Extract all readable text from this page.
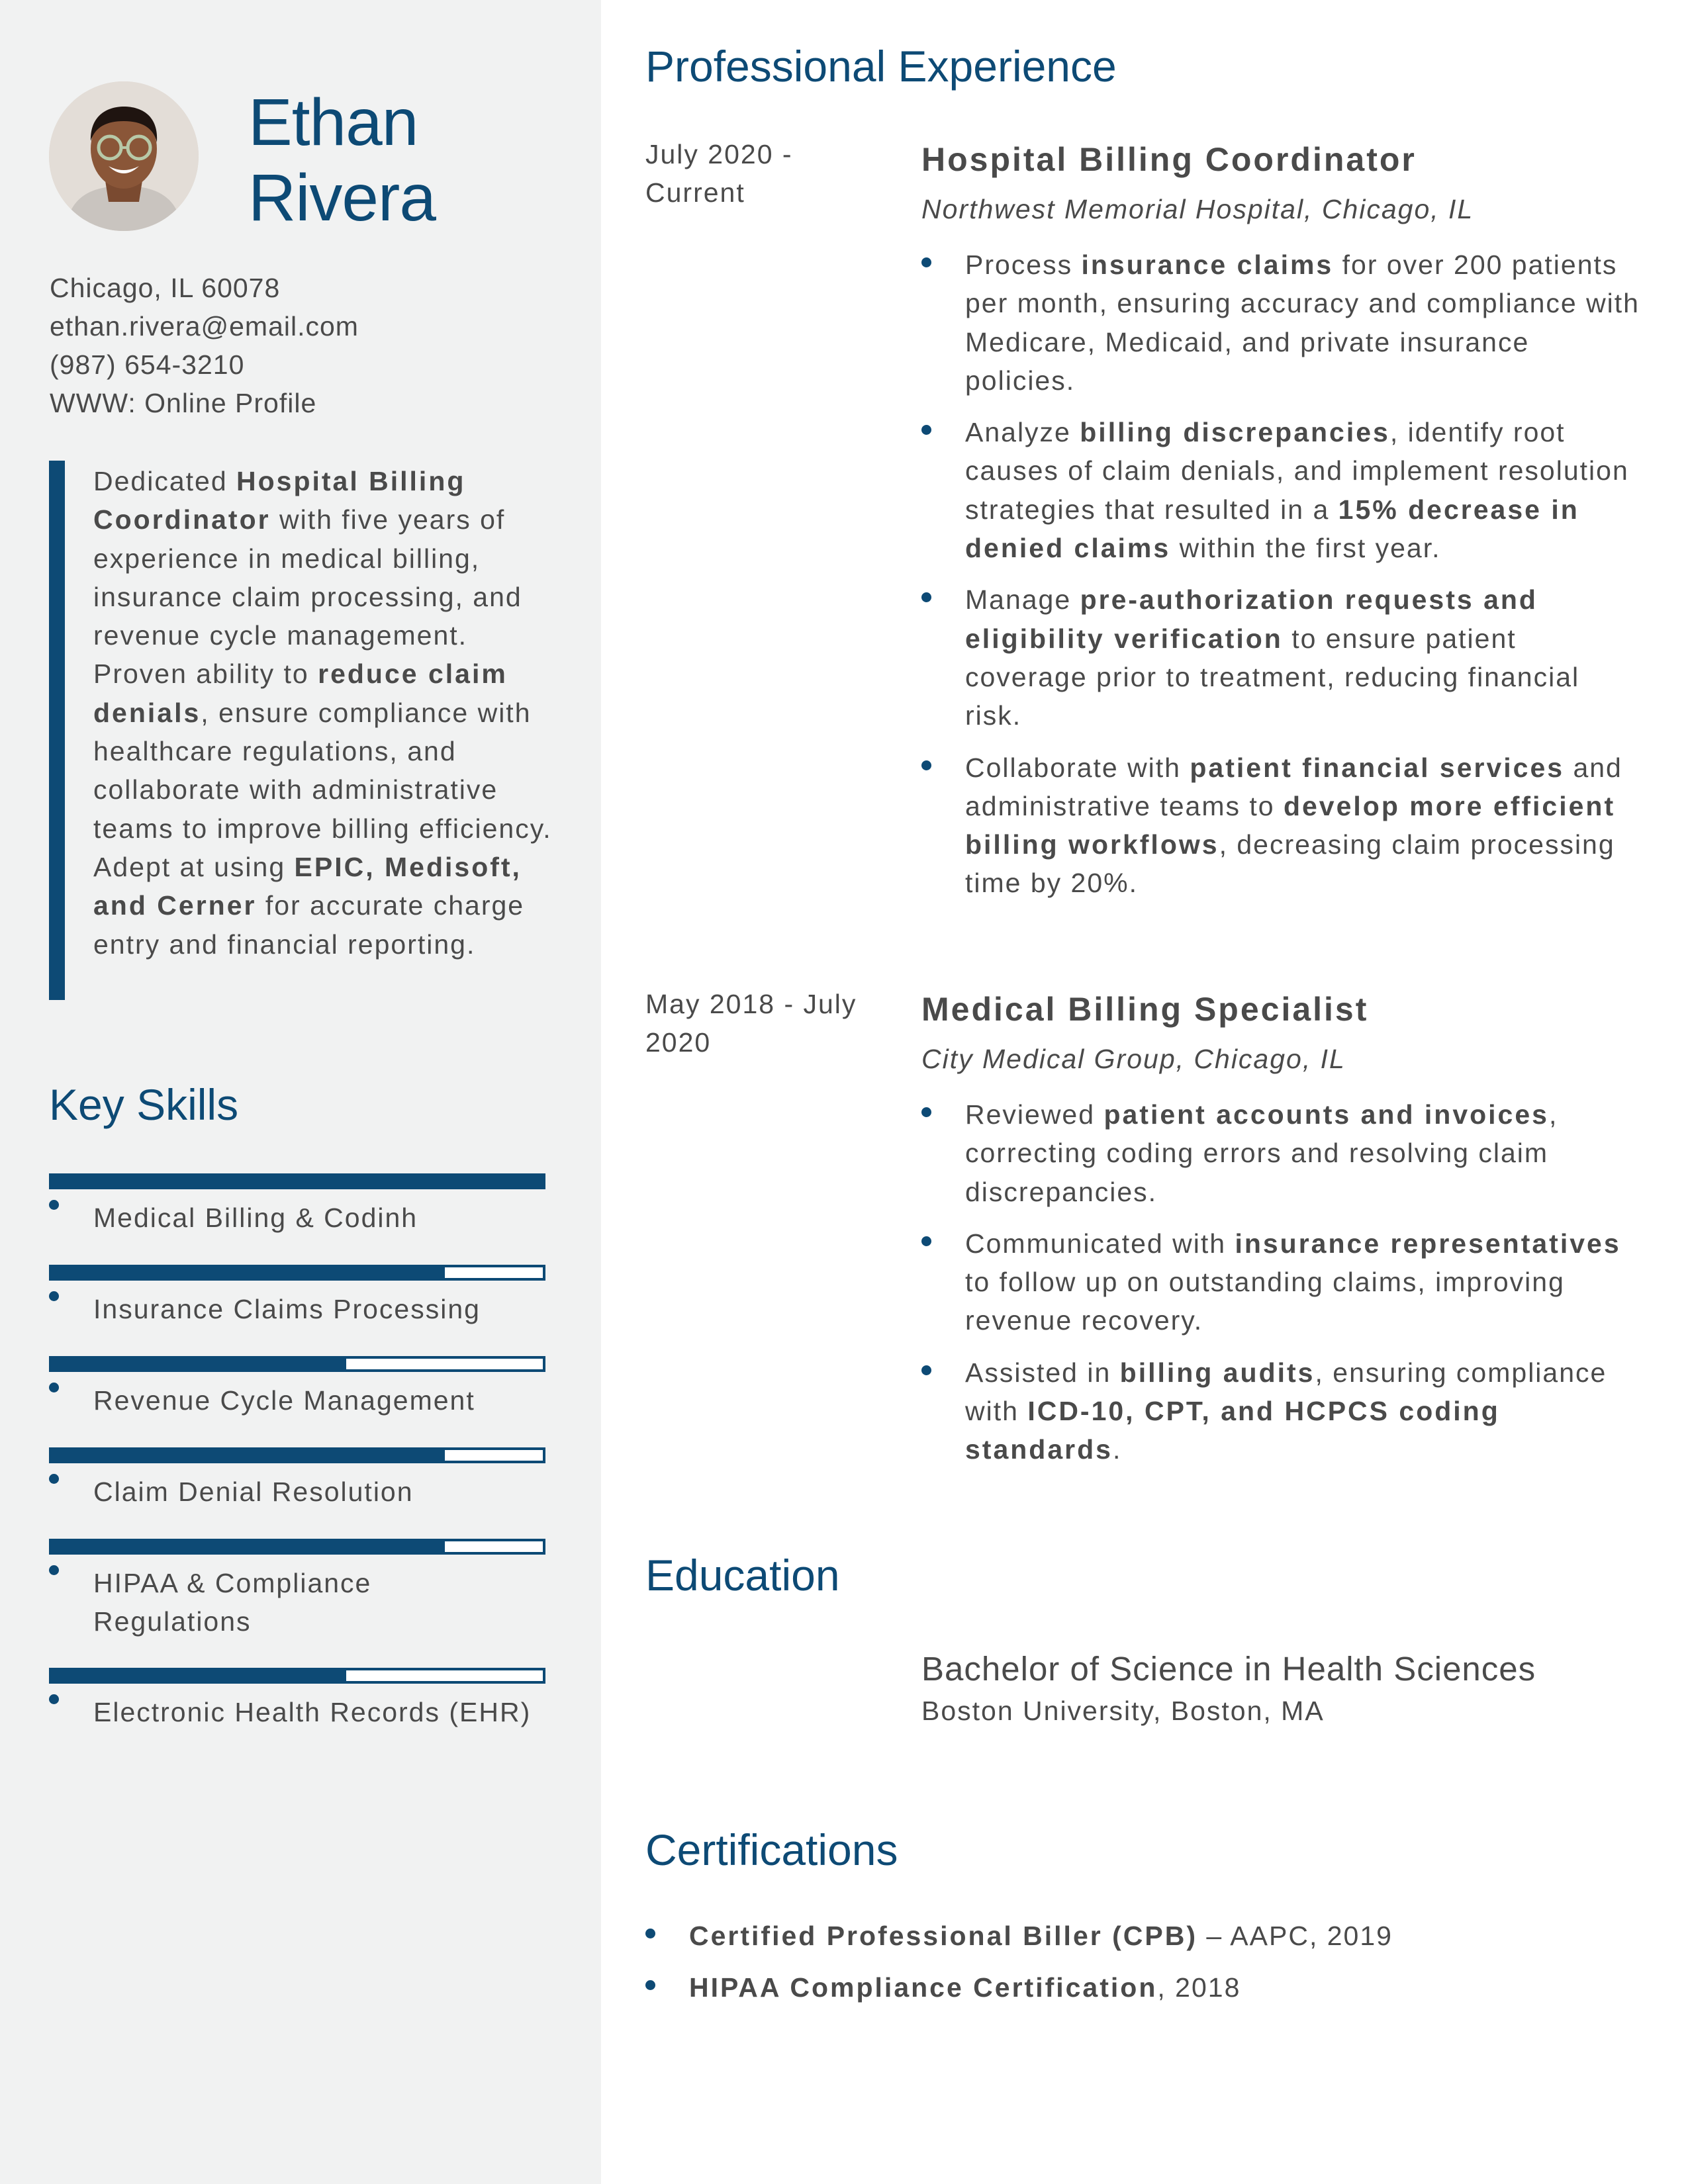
Ethan
Rivera
Chicago, IL 60078
ethan.rivera@email.com
(987) 654-3210
WWW: Online Profile
Dedicated Hospital Billing Coordinator with five years of experience in medical billing, insurance claim processing, and revenue cycle management. Proven ability to reduce claim denials, ensure compliance with healthcare regulations, and collaborate with administrative teams to improve billing efficiency. Adept at using EPIC, Medisoft, and Cerner for accurate charge entry and financial reporting.
Key Skills
Medical Billing & Codinh
Insurance Claims Processing
Revenue Cycle Management
Claim Denial Resolution
HIPAA & Compliance Regulations
Electronic Health Records (EHR)
Professional Experience
July 2020 - Current
Hospital Billing Coordinator
Northwest Memorial Hospital, Chicago, IL
Process insurance claims for over 200 patients per month, ensuring accuracy and compliance with Medicare, Medicaid, and private insurance policies.
Analyze billing discrepancies, identify root causes of claim denials, and implement resolution strategies that resulted in a 15% decrease in denied claims within the first year.
Manage pre-authorization requests and eligibility verification to ensure patient coverage prior to treatment, reducing financial risk.
Collaborate with patient financial services and administrative teams to develop more efficient billing workflows, decreasing claim processing time by 20%.
May 2018 - July 2020
Medical Billing Specialist
City Medical Group, Chicago, IL
Reviewed patient accounts and invoices, correcting coding errors and resolving claim discrepancies.
Communicated with insurance representatives to follow up on outstanding claims, improving revenue recovery.
Assisted in billing audits, ensuring compliance with ICD-10, CPT, and HCPCS coding standards.
Education
Bachelor of Science in Health Sciences
Boston University, Boston, MA
Certifications
Certified Professional Biller (CPB) – AAPC, 2019
HIPAA Compliance Certification, 2018
